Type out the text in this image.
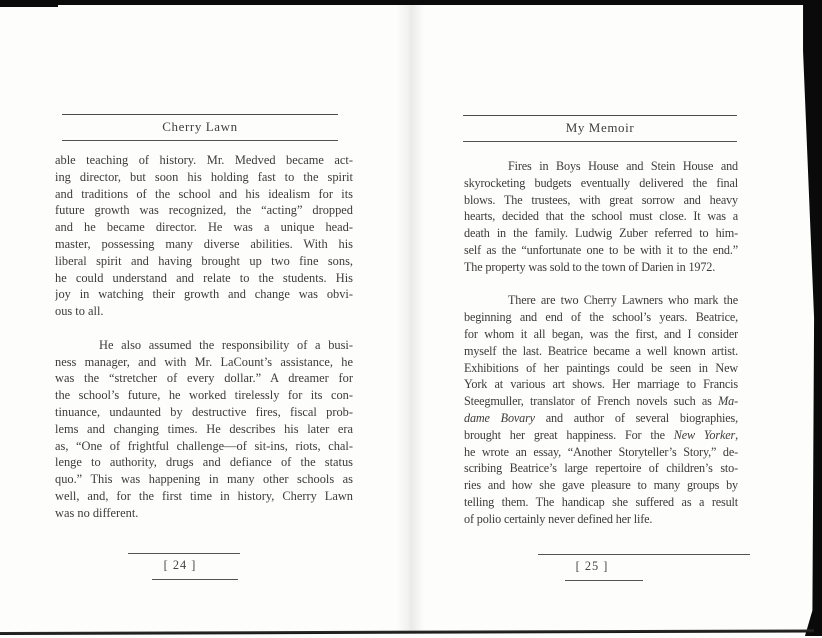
Cherry Lawn
able teaching of history. Mr. Medved became act-
ing director, but soon his holding fast to the spirit
and traditions of the school and his idealism for its
future growth was recognized, the “acting” dropped
and he became director. He was a unique head-
master, possessing many diverse abilities. With his
liberal spirit and having brought up two fine sons,
he could understand and relate to the students. His
joy in watching their growth and change was obvi-
ous to all.
He also assumed the responsibility of a busi-
ness manager, and with Mr. LaCount’s assistance, he
was the “stretcher of every dollar.” A dreamer for
the school’s future, he worked tirelessly for its con-
tinuance, undaunted by destructive fires, fiscal prob-
lems and changing times. He describes his later era
as, “One of frightful challenge—of sit-ins, riots, chal-
lenge to authority, drugs and defiance of the status
quo.” This was happening in many other schools as
well, and, for the first time in history, Cherry Lawn
was no different.
[ 24 ]
My Memoir
Fires in Boys House and Stein House and
skyrocketing budgets eventually delivered the final
blows. The trustees, with great sorrow and heavy
hearts, decided that the school must close. It was a
death in the family. Ludwig Zuber referred to him-
self as the “unfortunate one to be with it to the end.”
The property was sold to the town of Darien in 1972.
There are two Cherry Lawners who mark the
beginning and end of the school’s years. Beatrice,
for whom it all began, was the first, and I consider
myself the last. Beatrice became a well known artist.
Exhibitions of her paintings could be seen in New
York at various art shows. Her marriage to Francis
Steegmuller, translator of French novels such as Ma-
dame Bovary and author of several biographies,
brought her great happiness. For the New Yorker,
he wrote an essay, “Another Storyteller’s Story,” de-
scribing Beatrice’s large repertoire of children’s sto-
ries and how she gave pleasure to many groups by
telling them. The handicap she suffered as a result
of polio certainly never defined her life.
[ 25 ]
